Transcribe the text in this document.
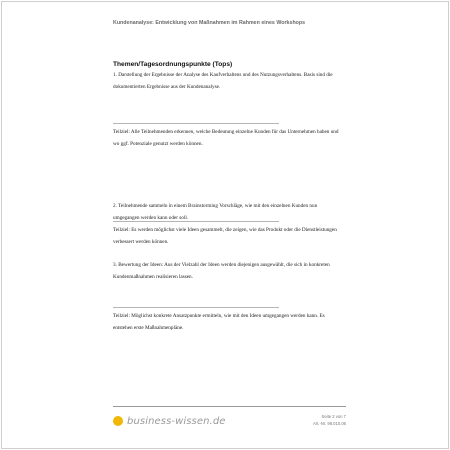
Kundenanalyse: Entwicklung von Maßnahmen im Rahmen eines Workshops
Themen/Tagesordnungspunkte (Tops)

1. Darstellung der Ergebnisse der Analyse des Kaufverhaltens und des Nutzungsverhaltens. Basis sind die dokumentierten Ergebnisse aus der Kundenanalyse.

Teilziel: Alle Teilnehmenden erkennen, welche Bedeutung einzelne Kunden für das Unternehmen haben und wo ggf. Potenziale genutzt werden können.

2. Teilnehmende sammeln in einem Brainstorming Vorschläge, wie mit den einzelnen Kunden nun umgegangen werden kann oder soll.

Teilziel: Es werden möglichst viele Ideen gesammelt, die zeigen, wie das Produkt oder die Dienstleistungen verbessert werden können.

3. Bewertung der Ideen: Aus der Vielzahl der Ideen werden diejenigen ausgewählt, die sich in konkreten Kundenmaßnahmen realisieren lassen.

Teilziel: Möglichst konkrete Ansatzpunkte ermitteln, wie mit den Ideen umgegangen werden kann. Es entstehen erste Maßnahmenpläne.

business-wissen.de	Seite 2 von 7
Art.-Nr. 98.010.06
